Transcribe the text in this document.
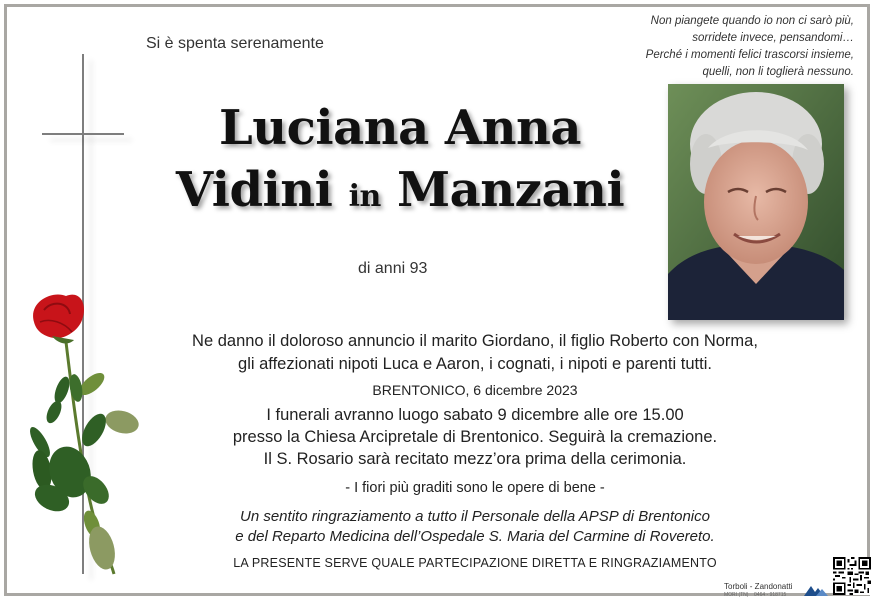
Si è spenta serenamente
Non piangete quando io non ci sarò più,
sorridete invece, pensandomi…
Perché i momenti felici trascorsi insieme,
quelli, non li toglierà nessuno.
Luciana Anna
Vidini in Manzani
di anni 93
Ne danno il doloroso annuncio il marito Giordano, il figlio Roberto con Norma,
gli affezionati nipoti Luca e Aaron, i cognati, i nipoti e parenti tutti.
BRENTONICO, 6 dicembre 2023
I funerali avranno luogo sabato 9 dicembre alle ore 15.00
presso la Chiesa Arcipretale di Brentonico. Seguirà la cremazione.
Il S. Rosario sarà recitato mezz’ora prima della cerimonia.
- I fiori più graditi sono le opere di bene -
Un sentito ringraziamento a tutto il Personale della APSP di Brentonico
e del Reparto Medicina dell’Ospedale S. Maria del Carmine di Rovereto.
LA PRESENTE SERVE QUALE PARTECIPAZIONE DIRETTA E RINGRAZIAMENTO
Torboli - Zandonatti
MORI (TN) 0464 - 918715
